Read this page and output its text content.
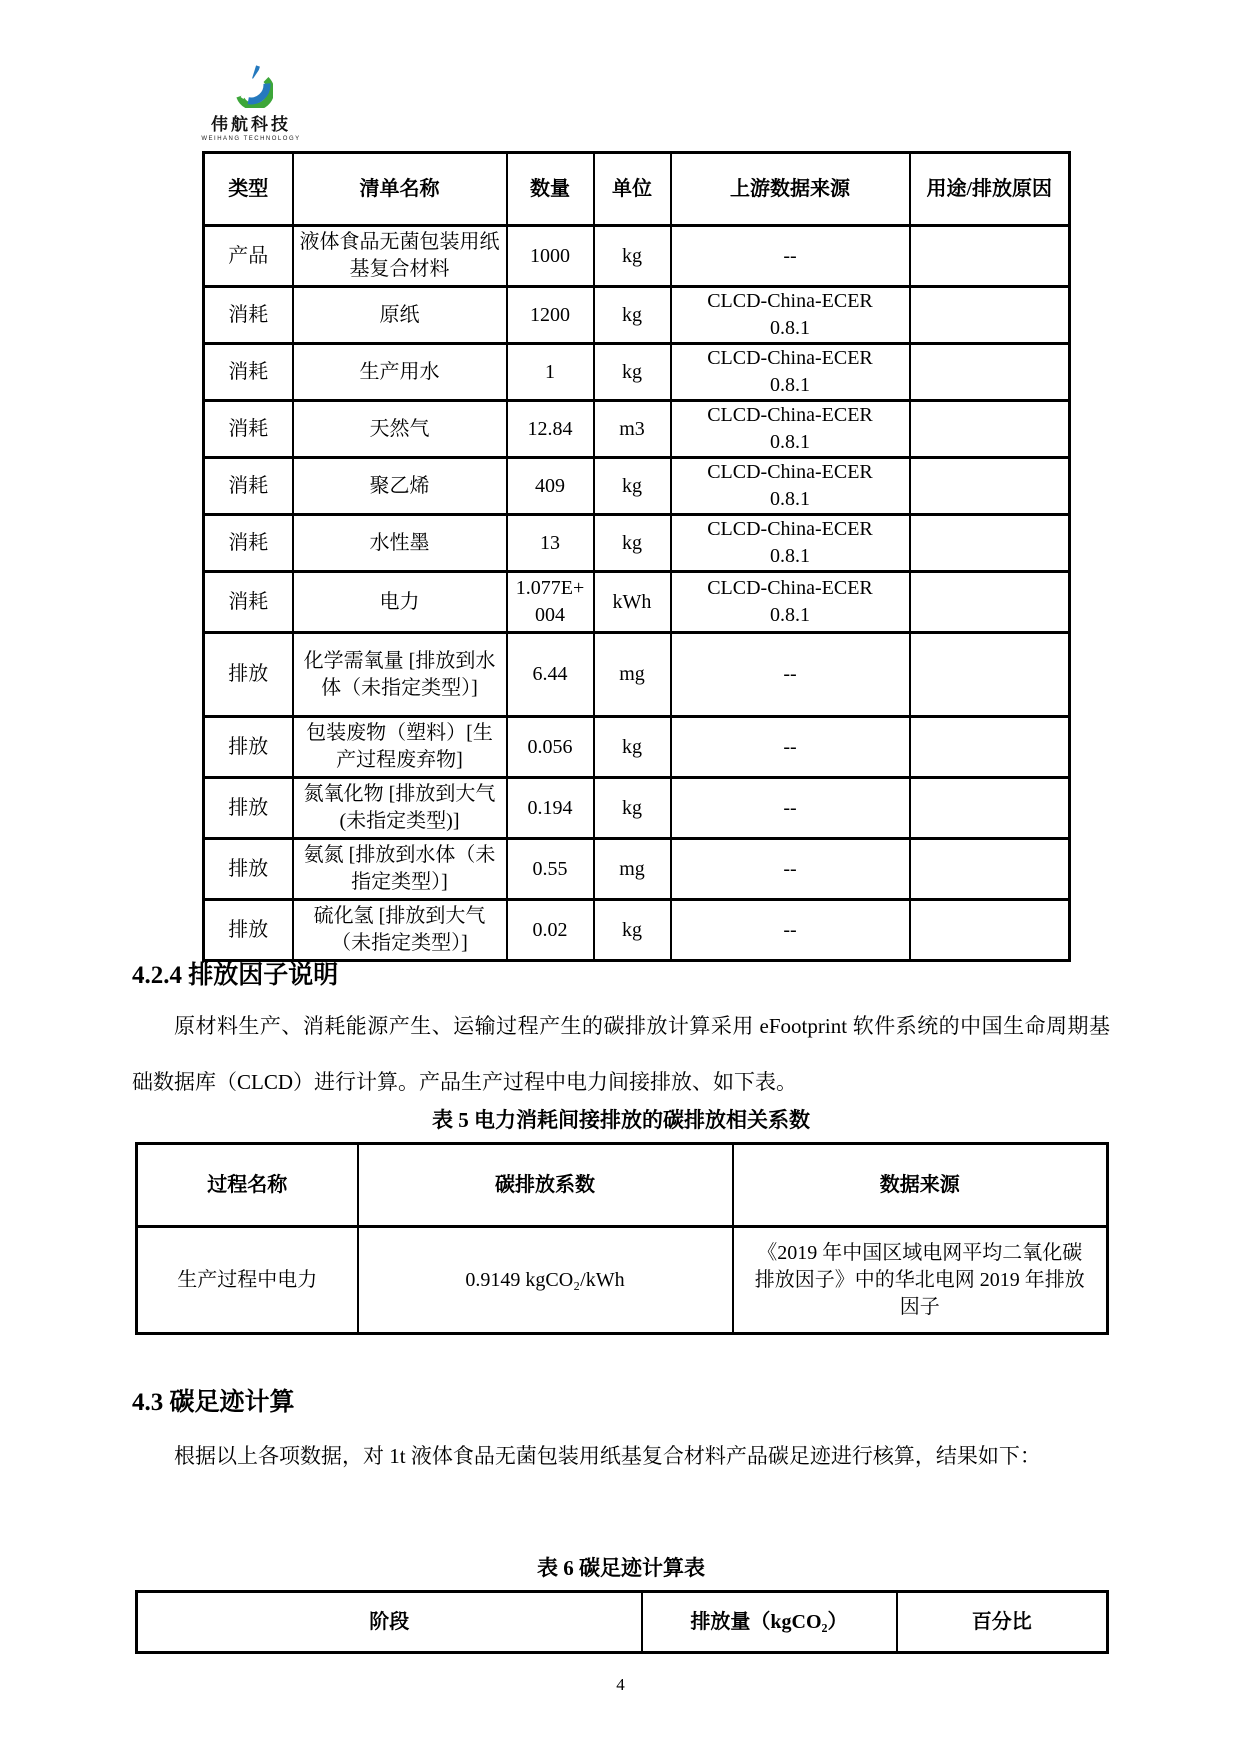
伟航科技
WEIHANG TECHNOLOGY
类型	清单名称	数量	单位	上游数据来源	用途/排放原因
产品	液体食品无菌包装用纸基复合材料	1000	kg	--	
消耗	原纸	1200	kg	CLCD-China-ECER 0.8.1	
消耗	生产用水	1	kg	CLCD-China-ECER 0.8.1	
消耗	天然气	12.84	m3	CLCD-China-ECER 0.8.1	
消耗	聚乙烯	409	kg	CLCD-China-ECER 0.8.1	
消耗	水性墨	13	kg	CLCD-China-ECER 0.8.1	
消耗	电力	1.077E+004	kWh	CLCD-China-ECER 0.8.1	
排放	化学需氧量 [排放到水体（未指定类型）]	6.44	mg	--	
排放	包装废物（塑料）[生产过程废弃物]	0.056	kg	--	
排放	氮氧化物 [排放到大气(未指定类型)]	0.194	kg	--	
排放	氨氮 [排放到水体（未指定类型）]	0.55	mg	--	
排放	硫化氢 [排放到大气（未指定类型）]	0.02	kg	--	
4.2.4 排放因子说明
原材料生产、消耗能源产生、运输过程产生的碳排放计算采用 eFootprint 软件系统的中国生命周期基础数据库（CLCD）进行计算。产品生产过程中电力间接排放、如下表。
表 5 电力消耗间接排放的碳排放相关系数
过程名称	碳排放系数	数据来源
生产过程中电力	0.9149 kgCO₂/kWh	《2019 年中国区域电网平均二氧化碳排放因子》中的华北电网 2019 年排放因子
4.3 碳足迹计算
根据以上各项数据，对 1t 液体食品无菌包装用纸基复合材料产品碳足迹进行核算，结果如下：
表 6 碳足迹计算表
阶段	排放量（kgCO₂）	百分比
4
